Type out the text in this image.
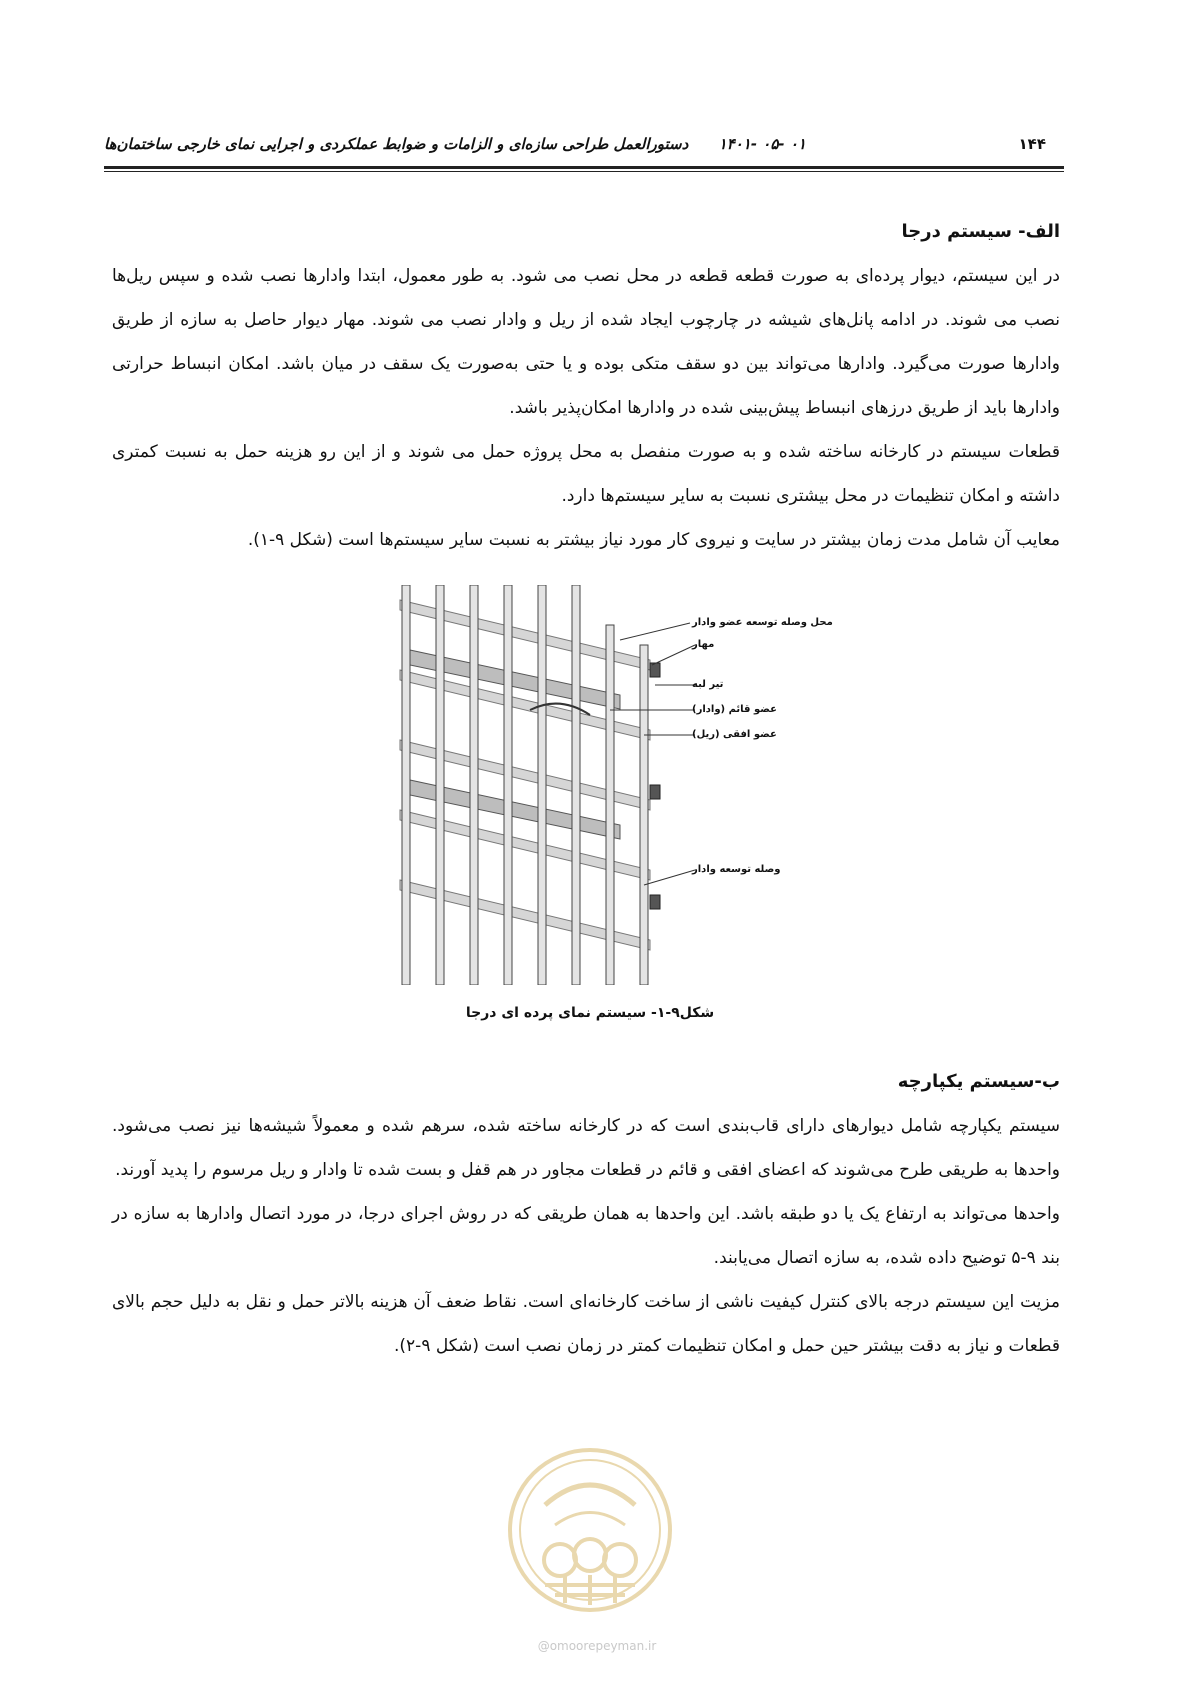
۱۴۴
۰۱ -۰۵ -۱۴۰۱
دستورالعمل طراحی سازه‌ای و الزامات و ضوابط عملکردی و اجرایی نمای خارجی ساختمان‌ها

الف- سیستم درجا

در این سیستم، دیوار پرده‌ای به صورت قطعه قطعه در محل نصب می شود. به طور معمول، ابتدا وادارها نصب شده و سپس ریل‌ها نصب می شوند. در ادامه پانل‌های شیشه در چارچوب ایجاد شده از ریل و وادار نصب می شوند. مهار دیوار حاصل به سازه از طریق وادارها صورت می‌گیرد. وادارها می‌تواند بین دو سقف متکی بوده و یا حتی به‌صورت یک سقف در میان باشد. امکان انبساط حرارتی وادارها باید از طریق درزهای انبساط پیش‌بینی شده در وادارها امکان‌پذیر باشد.

قطعات سیستم در کارخانه ساخته شده و به صورت منفصل به محل پروژه حمل می شوند و از این رو هزینه حمل به نسبت کمتری داشته و امکان تنظیمات در محل بیشتری نسبت به سایر سیستم‌ها دارد.

معایب آن شامل مدت زمان بیشتر در سایت و نیروی کار مورد نیاز بیشتر به نسبت سایر سیستم‌ها است (شکل ۹-۱).

محل وصله توسعه عضو وادار
مهار
تیر لبه
عضو قائم (وادار)
عضو افقی (ریل)
وصله توسعه وادار
شکل۹-۱- سیستم نمای پرده ای درجا

ب-سیستم یکپارچه

سیستم یکپارچه شامل دیوارهای دارای قاب‌بندی است که در کارخانه ساخته شده، سرهم شده و معمولاً شیشه‌ها نیز نصب می‌شود. واحدها به طریقی طرح می‌شوند که اعضای افقی و قائم در قطعات مجاور در هم قفل و بست شده تا وادار و ریل مرسوم را پدید آورند.

واحدها می‌تواند به ارتفاع یک یا دو طبقه باشد. این واحدها به همان طریقی که در روش اجرای درجا، در مورد اتصال وادارها به سازه در بند ۹-۵ توضیح داده شده، به سازه اتصال می‌یابند.

مزیت این سیستم درجه بالای کنترل کیفیت ناشی از ساخت کارخانه‌ای است. نقاط ضعف آن هزینه بالاتر حمل و نقل به دلیل حجم بالای قطعات و نیاز به دقت بیشتر حین حمل و امکان تنظیمات کمتر در زمان نصب است (شکل ۹-۲).

@omoorepeyman.ir
